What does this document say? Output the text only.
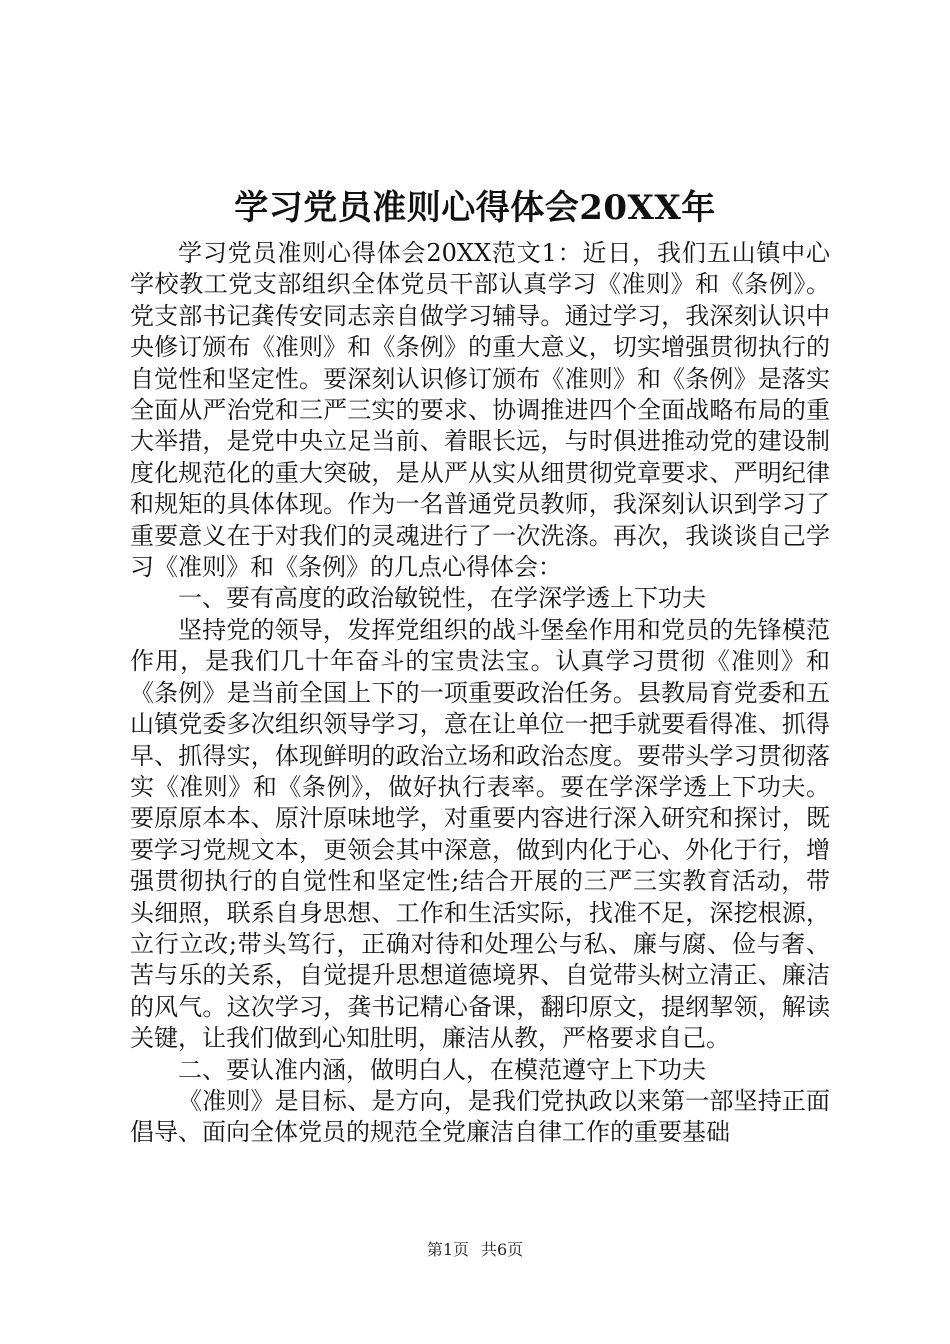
学习党员准则心得体会20XX年

学习党员准则心得体会20XX范文1：近日，我们五山镇中心学校教工党支部组织全体党员干部认真学习《准则》和《条例》。党支部书记龚传安同志亲自做学习辅导。通过学习，我深刻认识中央修订颁布《准则》和《条例》的重大意义，切实增强贯彻执行的自觉性和坚定性。要深刻认识修订颁布《准则》和《条例》是落实全面从严治党和三严三实的要求、协调推进四个全面战略布局的重大举措，是党中央立足当前、着眼长远，与时俱进推动党的建设制度化规范化的重大突破，是从严从实从细贯彻党章要求、严明纪律和规矩的具体体现。作为一名普通党员教师，我深刻认识到学习了重要意义在于对我们的灵魂进行了一次洗涤。再次，我谈谈自己学习《准则》和《条例》的几点心得体会：

一、要有高度的政治敏锐性，在学深学透上下功夫

坚持党的领导，发挥党组织的战斗堡垒作用和党员的先锋模范作用，是我们几十年奋斗的宝贵法宝。认真学习贯彻《准则》和《条例》是当前全国上下的一项重要政治任务。县教局育党委和五山镇党委多次组织领导学习，意在让单位一把手就要看得准、抓得早、抓得实，体现鲜明的政治立场和政治态度。要带头学习贯彻落实《准则》和《条例》，做好执行表率。要在学深学透上下功夫。要原原本本、原汁原味地学，对重要内容进行深入研究和探讨，既要学习党规文本，更领会其中深意，做到内化于心、外化于行，增强贯彻执行的自觉性和坚定性;结合开展的三严三实教育活动，带头细照，联系自身思想、工作和生活实际，找准不足，深挖根源，立行立改;带头笃行，正确对待和处理公与私、廉与腐、俭与奢、苦与乐的关系，自觉提升思想道德境界、自觉带头树立清正、廉洁的风气。这次学习，龚书记精心备课，翻印原文，提纲挈领，解读关键，让我们做到心知肚明，廉洁从教，严格要求自己。

二、要认准内涵，做明白人，在模范遵守上下功夫

《准则》是目标、是方向，是我们党执政以来第一部坚持正面倡导、面向全体党员的规范全党廉洁自律工作的重要基础

第1页 共6页
